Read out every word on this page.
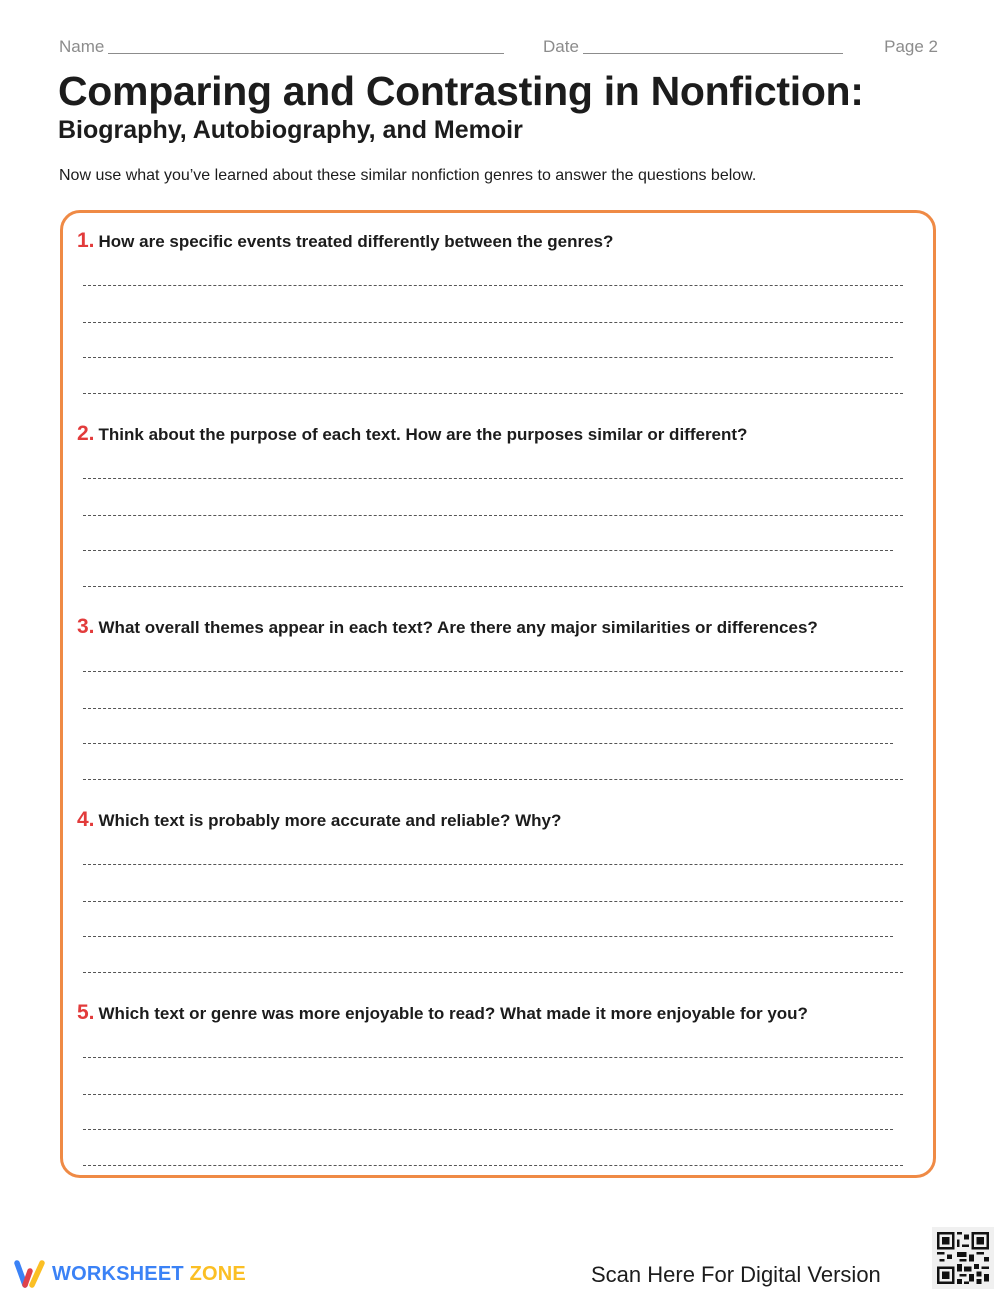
Name	Date	Page 2
Comparing and Contrasting in Nonfiction:
Biography, Autobiography, and Memoir
Now use what you’ve learned about these similar nonfiction genres to answer the questions below.
1. How are specific events treated differently between the genres?
2. Think about the purpose of each text. How are the purposes similar or different?
3. What overall themes appear in each text? Are there any major similarities or differences?
4. Which text is probably more accurate and reliable? Why?
5. Which text or genre was more enjoyable to read? What made it more enjoyable for you?
WORKSHEET ZONE	Scan Here For Digital Version
